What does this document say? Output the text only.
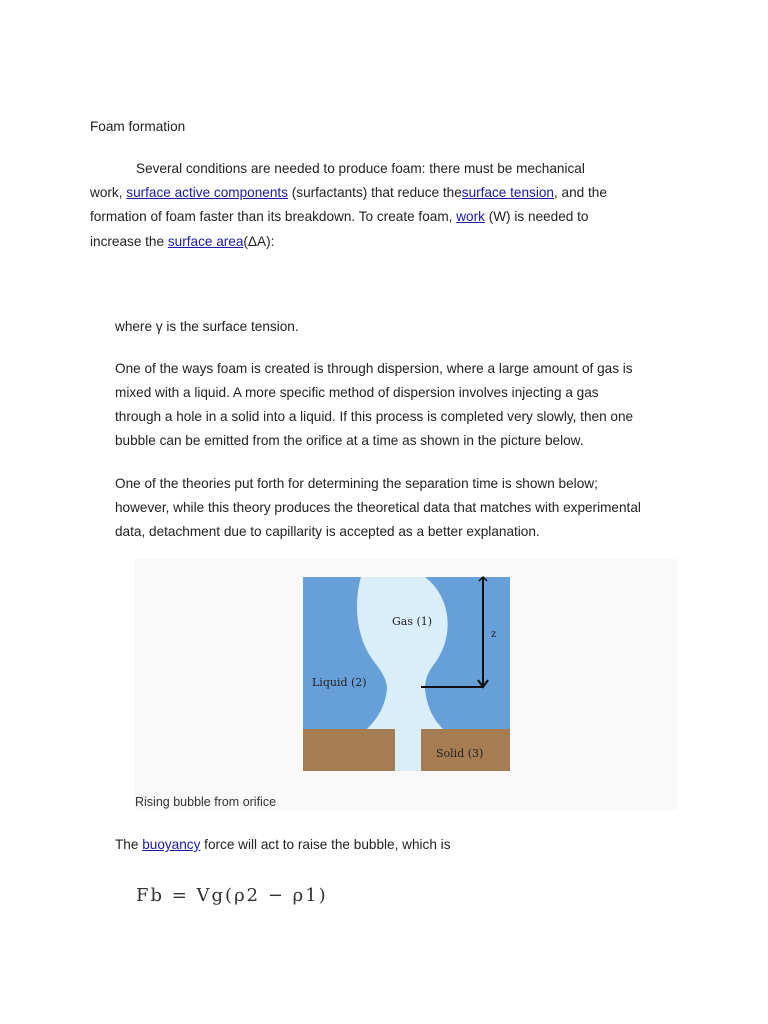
Foam formation
Several conditions are needed to produce foam: there must be mechanical
work, surface active components (surfactants) that reduce thesurface tension, and the
formation of foam faster than its breakdown. To create foam, work (W) is needed to
increase the surface area(ΔA):
where γ is the surface tension.
One of the ways foam is created is through dispersion, where a large amount of gas is
mixed with a liquid. A more specific method of dispersion involves injecting a gas
through a hole in a solid into a liquid. If this process is completed very slowly, then one
bubble can be emitted from the orifice at a time as shown in the picture below.
One of the theories put forth for determining the separation time is shown below;
however, while this theory produces the theoretical data that matches with experimental
data, detachment due to capillarity is accepted as a better explanation.
Gas (1)
Liquid (2)
Solid (3)
z
Rising bubble from orifice
The buoyancy force will act to raise the bubble, which is
Fb = Vg(ρ2 − ρ1)
